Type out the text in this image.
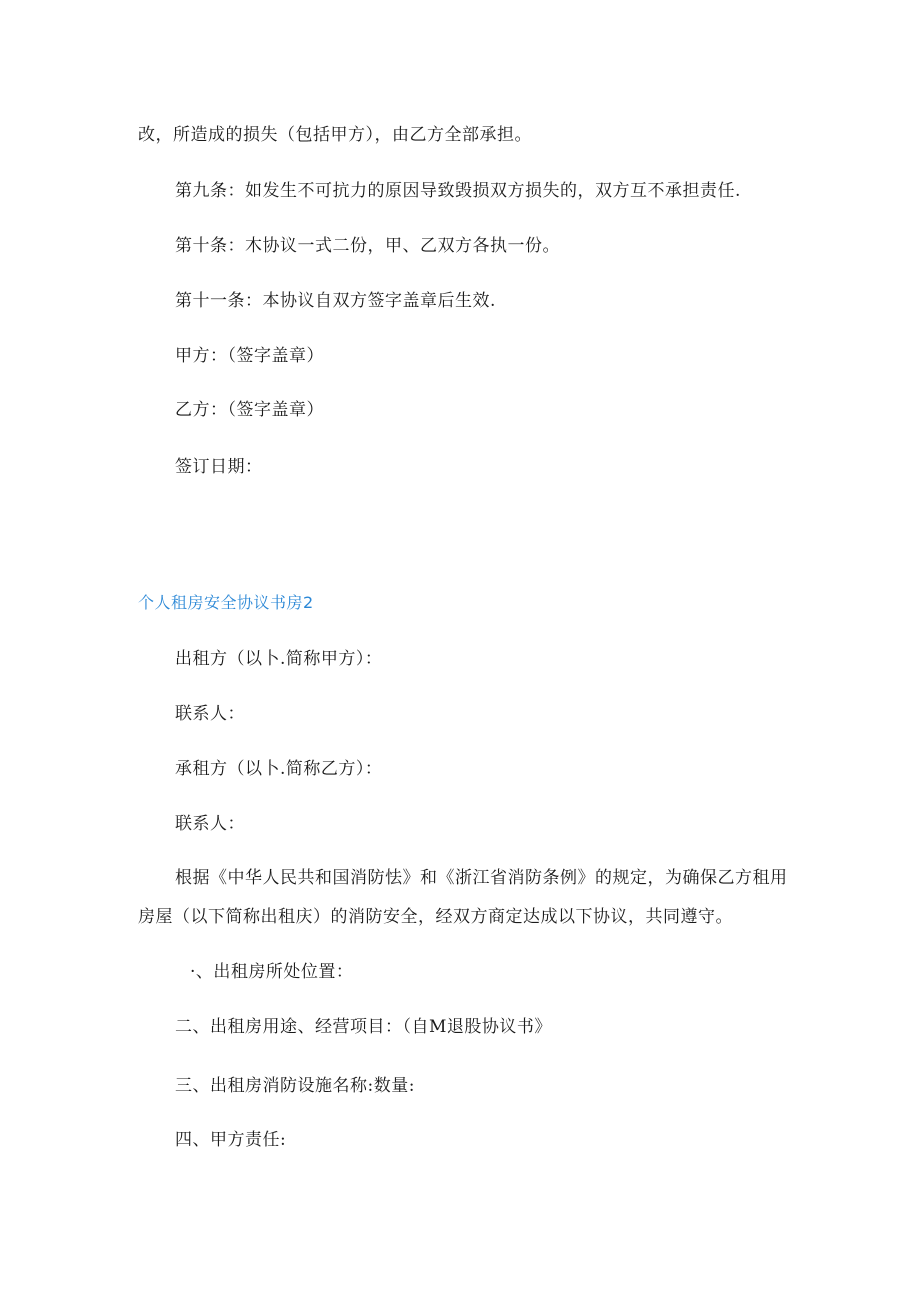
改，所造成的损失（包括甲方），由乙方全部承担。
第九条：如发生不可抗力的原因导致毁损双方损失的，双方互不承担责任.
第十条：木协议一式二份，甲、乙双方各执一份。
第十一条：本协议自双方签字盖章后生效.
甲方：（签字盖章）
乙方：（签字盖章）
签订日期：
个人租房安全协议书房2
出租方（以卜.简称甲方）：
联系人：
承租方（以卜.简称乙方）：
联系人：
根据《中华人民共和国消防怯》和《浙江省消防条例》的规定，为确保乙方租用
房屋（以下简称出租庆）的消防安全，经双方商定达成以下协议，共同遵守。
·、出租房所处位置：
二、出租房用途、经营项目：（自M退股协议书》
三、出租房消防设施名称:数量:
四、甲方责任:
